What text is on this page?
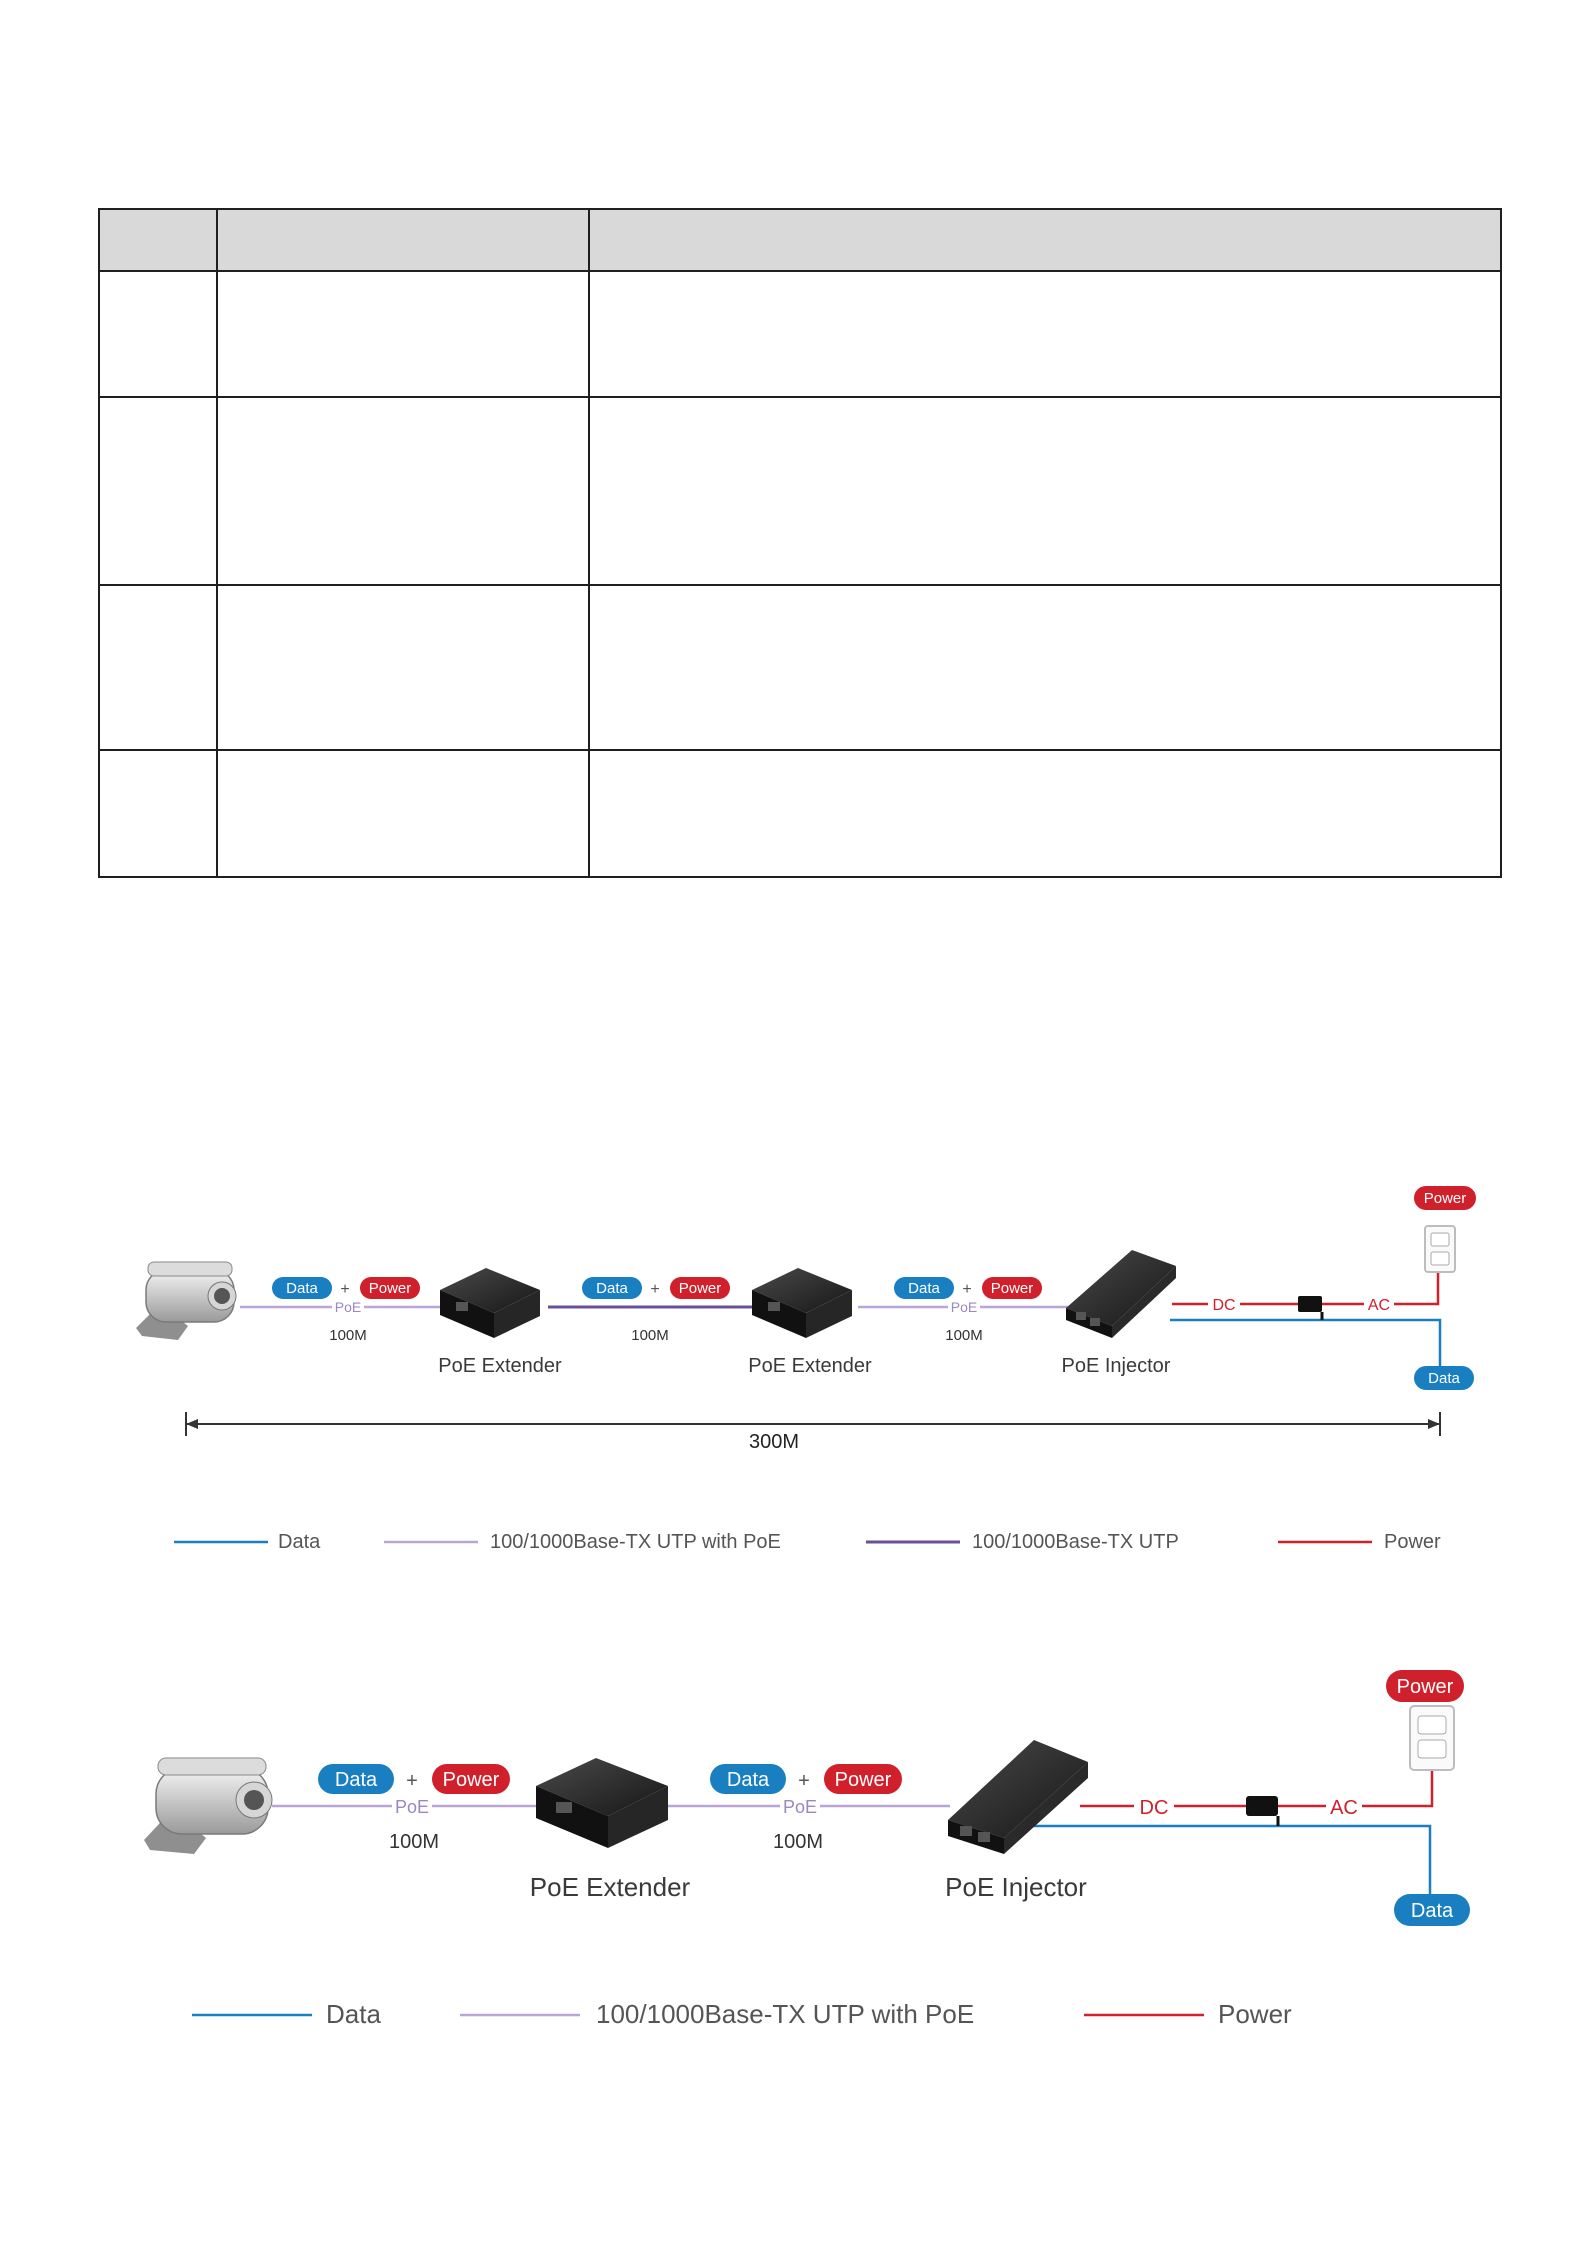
Data + Power
PoE
100M
Data + Power
100M
Data + Power
PoE
100M
DC	AC
Power
Data
PoE Extender	PoE Extender	PoE Injector
300M
Data	100/1000Base-TX UTP with PoE	100/1000Base-TX UTP	Power
Data + Power
PoE
100M
Data + Power
PoE
100M
DC	AC
Power
Data
PoE Extender	PoE Injector
Data	100/1000Base-TX UTP with PoE	Power
